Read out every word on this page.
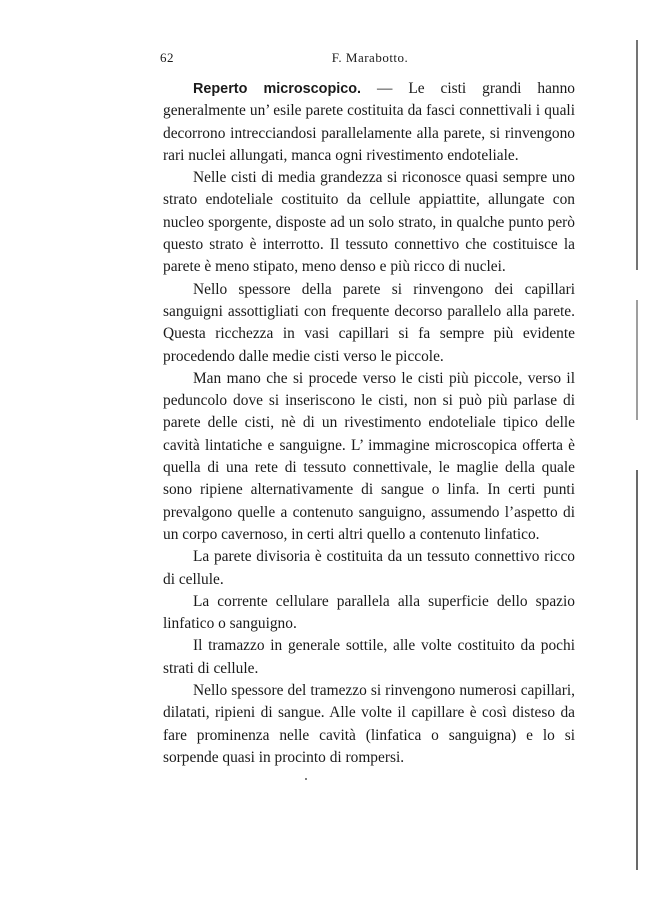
62	F. Marabotto.

Reperto microscopico. — Le cisti grandi hanno generalmente un’ esile parete costituita da fasci connettivali i quali decorrono intrecciandosi parallelamente alla parete, si rinvengono rari nuclei allungati, manca ogni rivestimento endoteliale.

Nelle cisti di media grandezza si riconosce quasi sempre uno strato endoteliale costituito da cellule appiattite, allungate con nucleo sporgente, disposte ad un solo strato, in qualche punto però questo strato è interrotto. Il tessuto connettivo che costituisce la parete è meno stipato, meno denso e più ricco di nuclei.

Nello spessore della parete si rinvengono dei capillari sanguigni assottigliati con frequente decorso parallelo alla parete. Questa ricchezza in vasi capillari si fa sempre più evidente procedendo dalle medie cisti verso le piccole.

Man mano che si procede verso le cisti più piccole, verso il peduncolo dove si inseriscono le cisti, non si può più parlase di parete delle cisti, nè di un rivestimento endoteliale tipico delle cavità lintatiche e sanguigne. L’ immagine microscopica offerta è quella di una rete di tessuto connettivale, le maglie della quale sono ripiene alternativamente di sangue o linfa. In certi punti prevalgono quelle a contenuto sanguigno, assumendo l’aspetto di un corpo cavernoso, in certi altri quello a contenuto linfatico.

La parete divisoria è costituita da un tessuto connettivo ricco di cellule.

La corrente cellulare parallela alla superficie dello spazio linfatico o sanguigno.

Il tramazzo in generale sottile, alle volte costituito da pochi strati di cellule.

Nello spessore del tramezzo si rinvengono numerosi capillari, dilatati, ripieni di sangue. Alle volte il capillare è così disteso da fare prominenza nelle cavità (linfatica o sanguigna) e lo si sorpende quasi in procinto di rompersi.
